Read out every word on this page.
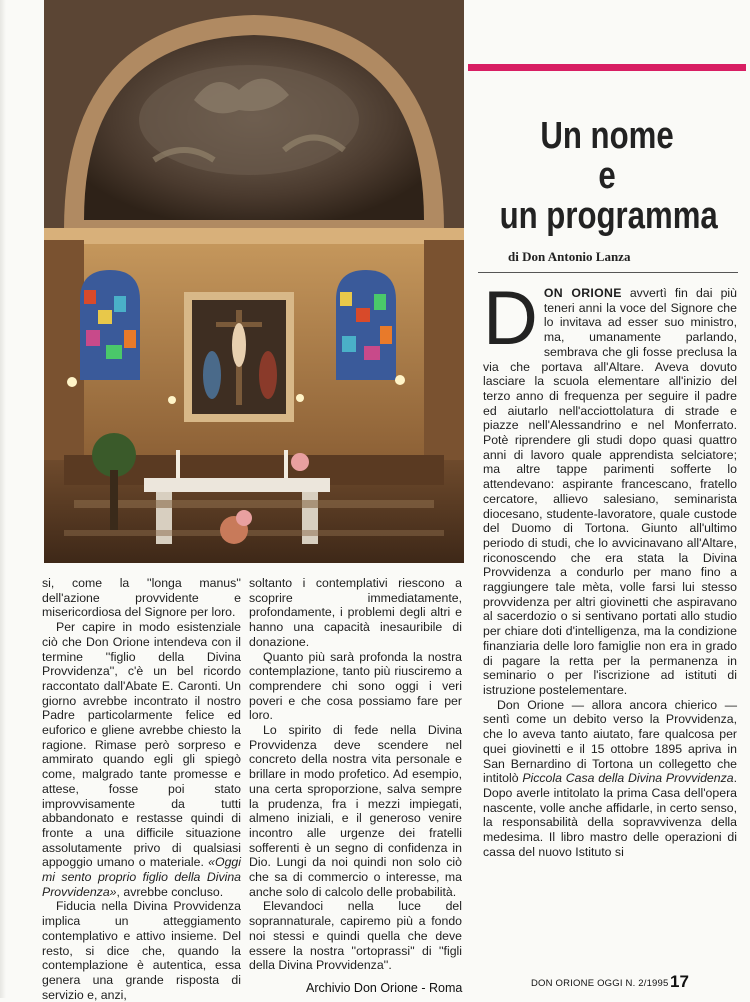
Un nome
e
un programma
di Don Antonio Lanza

DON ORIONE avvertì fin dai più teneri anni la voce del Signore che lo invitava ad esser suo ministro, ma, umanamente parlando, sembrava che gli fosse preclusa la via che portava all'Altare. Aveva dovuto lasciare la scuola elementare all'inizio del terzo anno di frequenza per seguire il padre ed aiutarlo nell'acciottolatura di strade e piazze nell'Alessandrino e nel Monferrato. Potè riprendere gli studi dopo quasi quattro anni di lavoro quale apprendista selciatore; ma altre tappe parimenti sofferte lo attendevano: aspirante francescano, fratello cercatore, allievo salesiano, seminarista diocesano, studente-lavoratore, quale custode del Duomo di Tortona. Giunto all'ultimo periodo di studi, che lo avvicinavano all'Altare, riconoscendo che era stata la Divina Provvidenza a condurlo per mano fino a raggiungere tale mèta, volle farsi lui stesso provvidenza per altri giovinetti che aspiravano al sacerdozio o si sentivano portati allo studio per chiare doti d'intelligenza, ma la condizione finanziaria delle loro famiglie non era in grado di pagare la retta per la permanenza in seminario o per l'iscrizione ad istituti di istruzione postelementare.

Don Orione — allora ancora chierico — sentì come un debito verso la Provvidenza, che lo aveva tanto aiutato, fare qualcosa per quei giovinetti e il 15 ottobre 1895 apriva in San Bernardino di Tortona un collegetto che intitolò Piccola Casa della Divina Provvidenza. Dopo averle intitolato la prima Casa dell'opera nascente, volle anche affidarle, in certo senso, la responsabilità della sopravvivenza della medesima. Il libro mastro delle operazioni di cassa del nuovo Istituto si

si, come la ''longa manus'' dell'azione provvidente e misericordiosa del Signore per loro.

Per capire in modo esistenziale ciò che Don Orione intendeva con il termine ''figlio della Divina Provvidenza'', c'è un bel ricordo raccontato dall'Abate E. Caronti. Un giorno avrebbe incontrato il nostro Padre particolarmente felice ed euforico e gliene avrebbe chiesto la ragione. Rimase però sorpreso e ammirato quando egli gli spiegò come, malgrado tante promesse e attese, fosse poi stato improvvisamente da tutti abbandonato e restasse quindi di fronte a una difficile situazione assolutamente privo di qualsiasi appoggio umano o materiale. «Oggi mi sento proprio figlio della Divina Provvidenza», avrebbe concluso.

Fiducia nella Divina Provvidenza implica un atteggiamento contemplativo e attivo insieme. Del resto, si dice che, quando la contemplazione è autentica, essa genera una grande risposta di servizio e, anzi,

soltanto i contemplativi riescono a scoprire immediatamente, profondamente, i problemi degli altri e hanno una capacità inesauribile di donazione.

Quanto più sarà profonda la nostra contemplazione, tanto più riusciremo a comprendere chi sono oggi i veri poveri e che cosa possiamo fare per loro.

Lo spirito di fede nella Divina Provvidenza deve scendere nel concreto della nostra vita personale e brillare in modo profetico. Ad esempio, una certa sproporzione, salva sempre la prudenza, fra i mezzi impiegati, almeno iniziali, e il generoso venire incontro alle urgenze dei fratelli sofferenti è un segno di confidenza in Dio. Lungi da noi quindi non solo ciò che sa di commercio o interesse, ma anche solo di calcolo delle probabilità.

Elevandoci nella luce del soprannaturale, capiremo più a fondo noi stessi e quindi quella che deve essere la nostra ''ortoprassi'' di ''figli della Divina Provvidenza''.

Archivio Don Orione - Roma	DON ORIONE OGGI N. 2/1995 17
